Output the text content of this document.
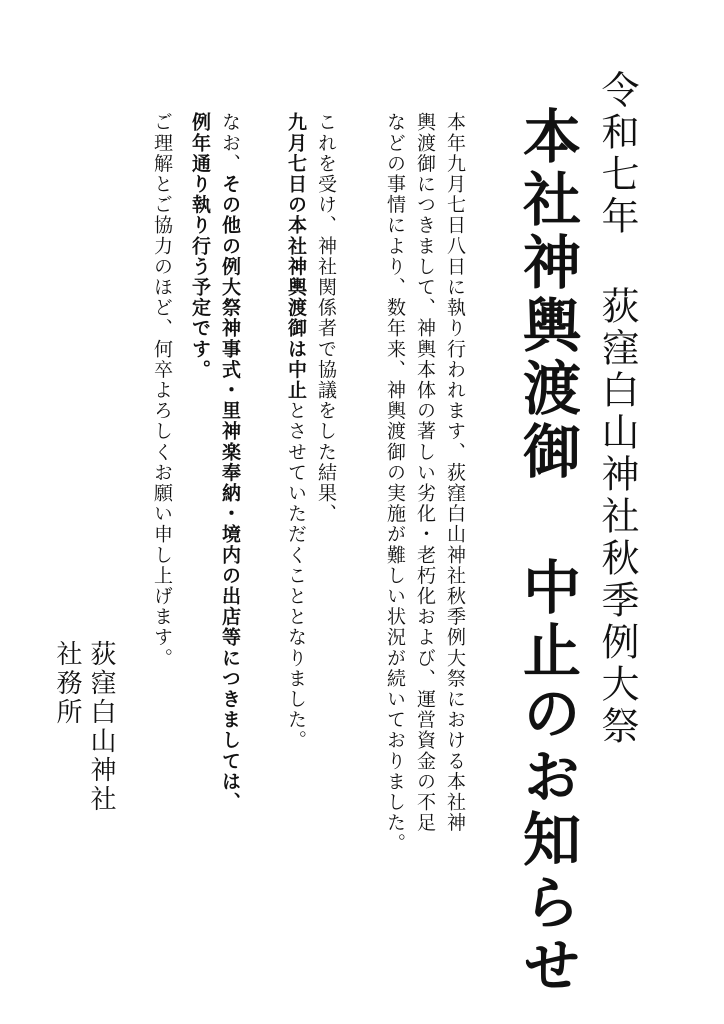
令和七年 荻窪白山神社秋季例大祭
本社神輿渡御 中止のお知らせ
本年九月七日八日に執り行われます、荻窪白山神社秋季例大祭における本社神
輿渡御につきまして、神輿本体の著しい劣化・老朽化および、運営資金の不足
などの事情により、数年来、神輿渡御の実施が難しい状況が続いておりました。
これを受け、神社関係者で協議をした結果、
九月七日の本社神輿渡御は中止とさせていただくこととなりました。
なお、その他の例大祭神事式・里神楽奉納・境内の出店等につきましては、
例年通り執り行う予定です。
ご理解とご協力のほど、何卒よろしくお願い申し上げます。
荻窪白山神社
社務所
